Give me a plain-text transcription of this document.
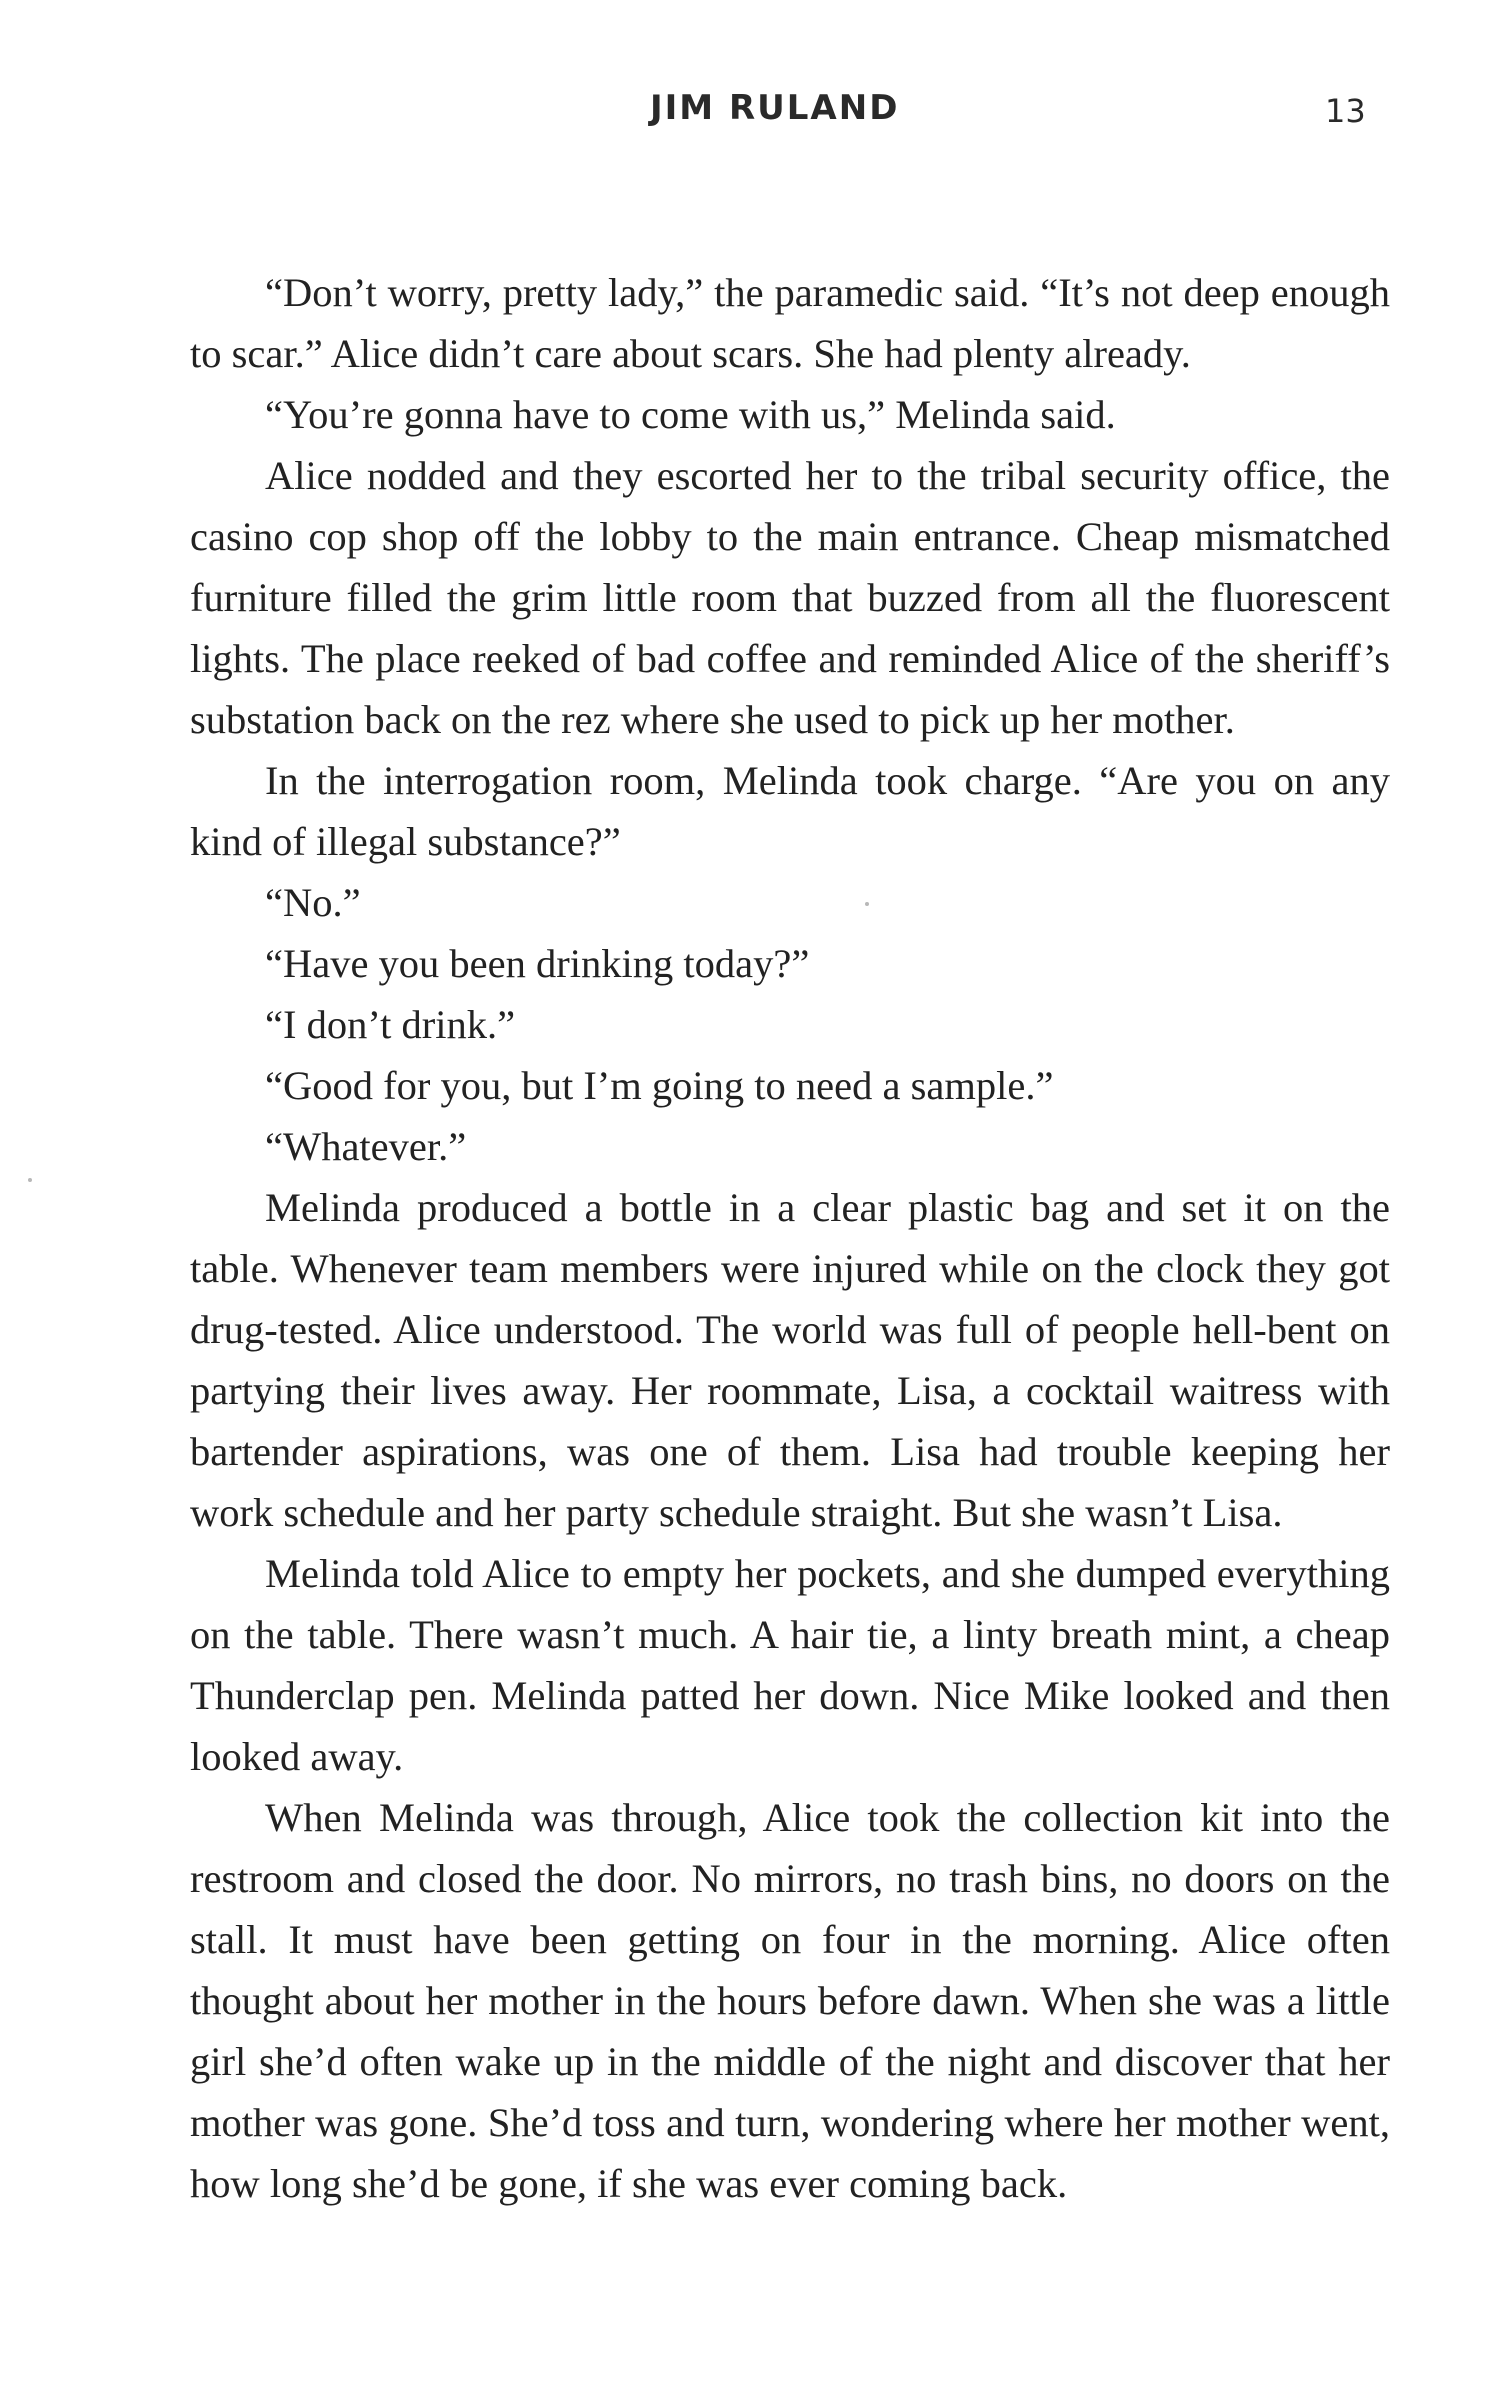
JIM RULAND	13

“Don’t worry, pretty lady,” the paramedic said. “It’s not deep enough to scar.” Alice didn’t care about scars. She had plenty already.

“You’re gonna have to come with us,” Melinda said.

Alice nodded and they escorted her to the tribal security office, the casino cop shop off the lobby to the main entrance. Cheap mismatched furniture filled the grim little room that buzzed from all the fluorescent lights. The place reeked of bad coffee and reminded Alice of the sheriff’s substation back on the rez where she used to pick up her mother.

In the interrogation room, Melinda took charge. “Are you on any kind of illegal substance?”

“No.”

“Have you been drinking today?”

“I don’t drink.”

“Good for you, but I’m going to need a sample.”

“Whatever.”

Melinda produced a bottle in a clear plastic bag and set it on the table. Whenever team members were injured while on the clock they got drug-tested. Alice understood. The world was full of people hell-bent on partying their lives away. Her roommate, Lisa, a cocktail waitress with bartender aspirations, was one of them. Lisa had trouble keeping her work schedule and her party schedule straight. But she wasn’t Lisa.

Melinda told Alice to empty her pockets, and she dumped everything on the table. There wasn’t much. A hair tie, a linty breath mint, a cheap Thunderclap pen. Melinda patted her down. Nice Mike looked and then looked away.

When Melinda was through, Alice took the collection kit into the restroom and closed the door. No mirrors, no trash bins, no doors on the stall. It must have been getting on four in the morning. Alice often thought about her mother in the hours before dawn. When she was a little girl she’d often wake up in the middle of the night and discover that her mother was gone. She’d toss and turn, wondering where her mother went, how long she’d be gone, if she was ever coming back.
